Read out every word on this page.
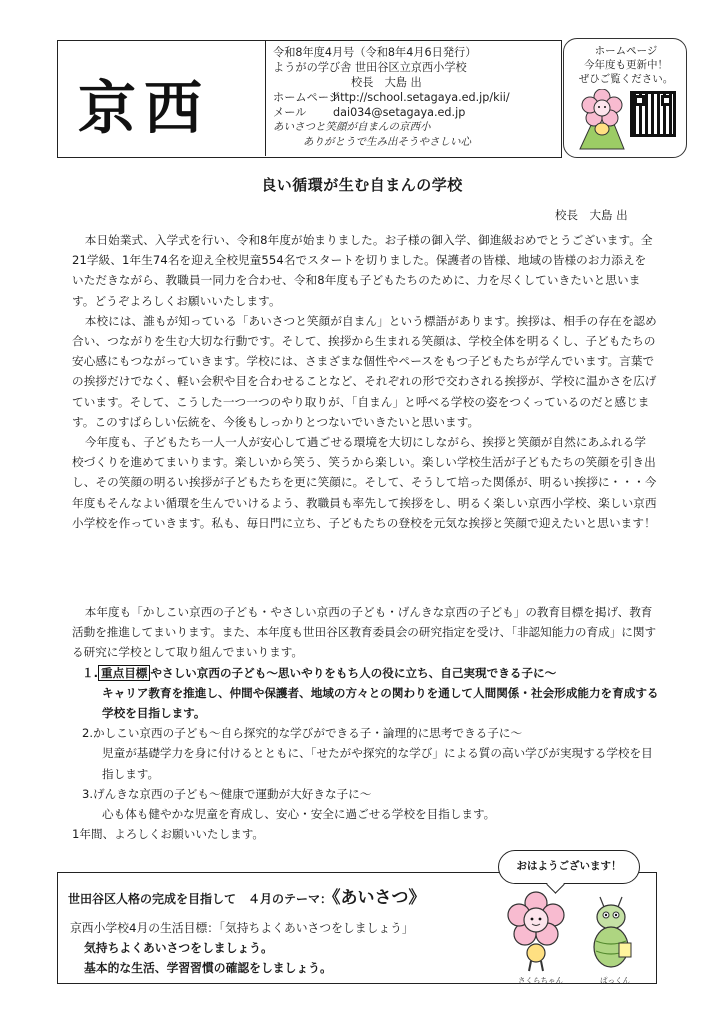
京西
令和8年度4月号（令和8年4月6日発行）
ようがの学び舎 世田谷区立京西小学校
校長　大島 出
ホームページhttp://school.setagaya.ed.jp/kii/
メール dai034@setagaya.ed.jp
あいさつと笑顔が自まんの京西小
ありがとうで生み出そうやさしい心
ホームページ
今年度も更新中！
ぜひご覧ください。
良い循環が生む自まんの学校
校長　大島 出

本日始業式、入学式を行い、令和8年度が始まりました。お子様の御入学、御進級おめでとうございます。全21学級、1年生74名を迎え全校児童554名でスタートを切りました。保護者の皆様、地域の皆様のお力添えをいただきながら、教職員一同力を合わせ、令和8年度も子どもたちのために、力を尽くしていきたいと思います。どうぞよろしくお願いいたします。

本校には、誰もが知っている「あいさつと笑顔が自まん」という標語があります。挨拶は、相手の存在を認め合い、つながりを生む大切な行動です。そして、挨拶から生まれる笑顔は、学校全体を明るくし、子どもたちの安心感にもつながっていきます。学校には、さまざまな個性やペースをもつ子どもたちが学んでいます。言葉での挨拶だけでなく、軽い会釈や目を合わせることなど、それぞれの形で交わされる挨拶が、学校に温かさを広げています。そして、こうした一つ一つのやり取りが、「自まん」と呼べる学校の姿をつくっているのだと感じます。このすばらしい伝統を、今後もしっかりとつないでいきたいと思います。

今年度も、子どもたち一人一人が安心して過ごせる環境を大切にしながら、挨拶と笑顔が自然にあふれる学校づくりを進めてまいります。楽しいから笑う、笑うから楽しい。楽しい学校生活が子どもたちの笑顔を引き出し、その笑顔の明るい挨拶が子どもたちを更に笑顔に。そして、そうして培った関係が、明るい挨拶に・・・今年度もそんなよい循環を生んでいけるよう、教職員も率先して挨拶をし、明るく楽しい京西小学校、楽しい京西小学校を作っていきます。私も、毎日門に立ち、子どもたちの登校を元気な挨拶と笑顔で迎えたいと思います！

本年度も「かしこい京西の子ども・やさしい京西の子ども・げんきな京西の子ども」の教育目標を掲げ、教育活動を推進してまいります。また、本年度も世田谷区教育委員会の研究指定を受け、「非認知能力の育成」に関する研究に学校として取り組んでまいります。

１. 重点目標 やさしい京西の子ども～思いやりをもち人の役に立ち、自己実現できる子に～

キャリア教育を推進し、仲間や保護者、地域の方々との関わりを通して人間関係・社会形成能力を育成する学校を目指します。

2.かしこい京西の子ども～自ら探究的な学びができる子・論理的に思考できる子に～

児童が基礎学力を身に付けるとともに、「せたがや探究的な学び」による質の高い学びが実現する学校を目指します。

3.げんきな京西の子ども～健康で運動が大好きな子に～

心も体も健やかな児童を育成し、安心・安全に過ごせる学校を目指します。

1年間、よろしくお願いいたします。

世田谷区人格の完成を目指して　４月のテーマ：《あいさつ》
京西小学校4月の生活目標：「気持ちよくあいさつをしましょう」
気持ちよくあいさつをしましょう。
基本的な生活、学習習慣の確認をしましょう。
さくらちゃん	ぱっくん
おはようございます！
